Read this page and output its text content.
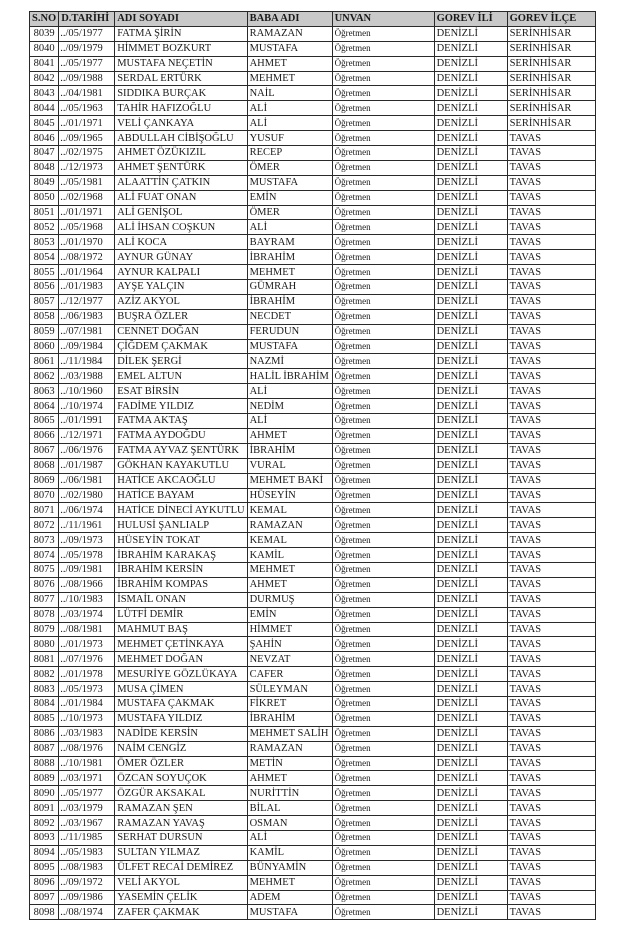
S.NO	D.TARİHİ	ADI SOYADI	BABA ADI	UNVAN	GOREV İLİ	GOREV İLÇE
8039	../05/1977	FATMA ŞİRİN	RAMAZAN	Öğretmen	DENİZLİ	SERİNHİSAR
8040	../09/1979	HİMMET BOZKURT	MUSTAFA	Öğretmen	DENİZLİ	SERİNHİSAR
8041	../05/1977	MUSTAFA NEÇETİN	AHMET	Öğretmen	DENİZLİ	SERİNHİSAR
8042	../09/1988	SERDAL ERTÜRK	MEHMET	Öğretmen	DENİZLİ	SERİNHİSAR
8043	../04/1981	SIDDIKA BURÇAK	NAİL	Öğretmen	DENİZLİ	SERİNHİSAR
8044	../05/1963	TAHİR HAFIZOĞLU	ALİ	Öğretmen	DENİZLİ	SERİNHİSAR
8045	../01/1971	VELİ ÇANKAYA	ALİ	Öğretmen	DENİZLİ	SERİNHİSAR
8046	../09/1965	ABDULLAH CİBİŞOĞLU	YUSUF	Öğretmen	DENİZLİ	TAVAS
8047	../02/1975	AHMET ÖZÜKIZIL	RECEP	Öğretmen	DENİZLİ	TAVAS
8048	../12/1973	AHMET ŞENTÜRK	ÖMER	Öğretmen	DENİZLİ	TAVAS
8049	../05/1981	ALAATTİN ÇATKIN	MUSTAFA	Öğretmen	DENİZLİ	TAVAS
8050	../02/1968	ALİ FUAT ONAN	EMİN	Öğretmen	DENİZLİ	TAVAS
8051	../01/1971	ALİ GENİŞOL	ÖMER	Öğretmen	DENİZLİ	TAVAS
8052	../05/1968	ALİ İHSAN COŞKUN	ALİ	Öğretmen	DENİZLİ	TAVAS
8053	../01/1970	ALİ KOCA	BAYRAM	Öğretmen	DENİZLİ	TAVAS
8054	../08/1972	AYNUR GÜNAY	İBRAHİM	Öğretmen	DENİZLİ	TAVAS
8055	../01/1964	AYNUR KALPALI	MEHMET	Öğretmen	DENİZLİ	TAVAS
8056	../01/1983	AYŞE YALÇIN	GÜMRAH	Öğretmen	DENİZLİ	TAVAS
8057	../12/1977	AZİZ AKYOL	İBRAHİM	Öğretmen	DENİZLİ	TAVAS
8058	../06/1983	BUŞRA ÖZLER	NECDET	Öğretmen	DENİZLİ	TAVAS
8059	../07/1981	CENNET DOĞAN	FERUDUN	Öğretmen	DENİZLİ	TAVAS
8060	../09/1984	ÇİĞDEM ÇAKMAK	MUSTAFA	Öğretmen	DENİZLİ	TAVAS
8061	../11/1984	DİLEK ŞERGİ	NAZMİ	Öğretmen	DENİZLİ	TAVAS
8062	../03/1988	EMEL ALTUN	HALİL İBRAHİM	Öğretmen	DENİZLİ	TAVAS
8063	../10/1960	ESAT BİRSİN	ALİ	Öğretmen	DENİZLİ	TAVAS
8064	../10/1974	FADİME YILDIZ	NEDİM	Öğretmen	DENİZLİ	TAVAS
8065	../01/1991	FATMA AKTAŞ	ALİ	Öğretmen	DENİZLİ	TAVAS
8066	../12/1971	FATMA AYDOĞDU	AHMET	Öğretmen	DENİZLİ	TAVAS
8067	../06/1976	FATMA AYVAZ ŞENTÜRK	İBRAHİM	Öğretmen	DENİZLİ	TAVAS
8068	../01/1987	GÖKHAN KAYAKUTLU	VURAL	Öğretmen	DENİZLİ	TAVAS
8069	../06/1981	HATİCE AKCAOĞLU	MEHMET BAKİ	Öğretmen	DENİZLİ	TAVAS
8070	../02/1980	HATİCE BAYAM	HÜSEYİN	Öğretmen	DENİZLİ	TAVAS
8071	../06/1974	HATİCE DİNECİ AYKUTLU	KEMAL	Öğretmen	DENİZLİ	TAVAS
8072	../11/1961	HULUSİ ŞANLIALP	RAMAZAN	Öğretmen	DENİZLİ	TAVAS
8073	../09/1973	HÜSEYİN TOKAT	KEMAL	Öğretmen	DENİZLİ	TAVAS
8074	../05/1978	İBRAHİM KARAKAŞ	KAMİL	Öğretmen	DENİZLİ	TAVAS
8075	../09/1981	İBRAHİM KERSİN	MEHMET	Öğretmen	DENİZLİ	TAVAS
8076	../08/1966	İBRAHİM KOMPAS	AHMET	Öğretmen	DENİZLİ	TAVAS
8077	../10/1983	İSMAİL ONAN	DURMUŞ	Öğretmen	DENİZLİ	TAVAS
8078	../03/1974	LÜTFİ DEMİR	EMİN	Öğretmen	DENİZLİ	TAVAS
8079	../08/1981	MAHMUT BAŞ	HİMMET	Öğretmen	DENİZLİ	TAVAS
8080	../01/1973	MEHMET ÇETİNKAYA	ŞAHİN	Öğretmen	DENİZLİ	TAVAS
8081	../07/1976	MEHMET DOĞAN	NEVZAT	Öğretmen	DENİZLİ	TAVAS
8082	../01/1978	MESURİYE GÖZLÜKAYA	CAFER	Öğretmen	DENİZLİ	TAVAS
8083	../05/1973	MUSA ÇİMEN	SÜLEYMAN	Öğretmen	DENİZLİ	TAVAS
8084	../01/1984	MUSTAFA ÇAKMAK	FİKRET	Öğretmen	DENİZLİ	TAVAS
8085	../10/1973	MUSTAFA YILDIZ	İBRAHİM	Öğretmen	DENİZLİ	TAVAS
8086	../03/1983	NADİDE KERSİN	MEHMET SALİH	Öğretmen	DENİZLİ	TAVAS
8087	../08/1976	NAİM CENGİZ	RAMAZAN	Öğretmen	DENİZLİ	TAVAS
8088	../10/1981	ÖMER ÖZLER	METİN	Öğretmen	DENİZLİ	TAVAS
8089	../03/1971	ÖZCAN SOYUÇOK	AHMET	Öğretmen	DENİZLİ	TAVAS
8090	../05/1977	ÖZGÜR AKSAKAL	NURİTTİN	Öğretmen	DENİZLİ	TAVAS
8091	../03/1979	RAMAZAN ŞEN	BİLAL	Öğretmen	DENİZLİ	TAVAS
8092	../03/1967	RAMAZAN YAVAŞ	OSMAN	Öğretmen	DENİZLİ	TAVAS
8093	../11/1985	SERHAT DURSUN	ALİ	Öğretmen	DENİZLİ	TAVAS
8094	../05/1983	SULTAN YILMAZ	KAMİL	Öğretmen	DENİZLİ	TAVAS
8095	../08/1983	ÜLFET RECAİ DEMİREZ	BÜNYAMİN	Öğretmen	DENİZLİ	TAVAS
8096	../09/1972	VELİ AKYOL	MEHMET	Öğretmen	DENİZLİ	TAVAS
8097	../09/1986	YASEMİN ÇELİK	ADEM	Öğretmen	DENİZLİ	TAVAS
8098	../08/1974	ZAFER ÇAKMAK	MUSTAFA	Öğretmen	DENİZLİ	TAVAS
